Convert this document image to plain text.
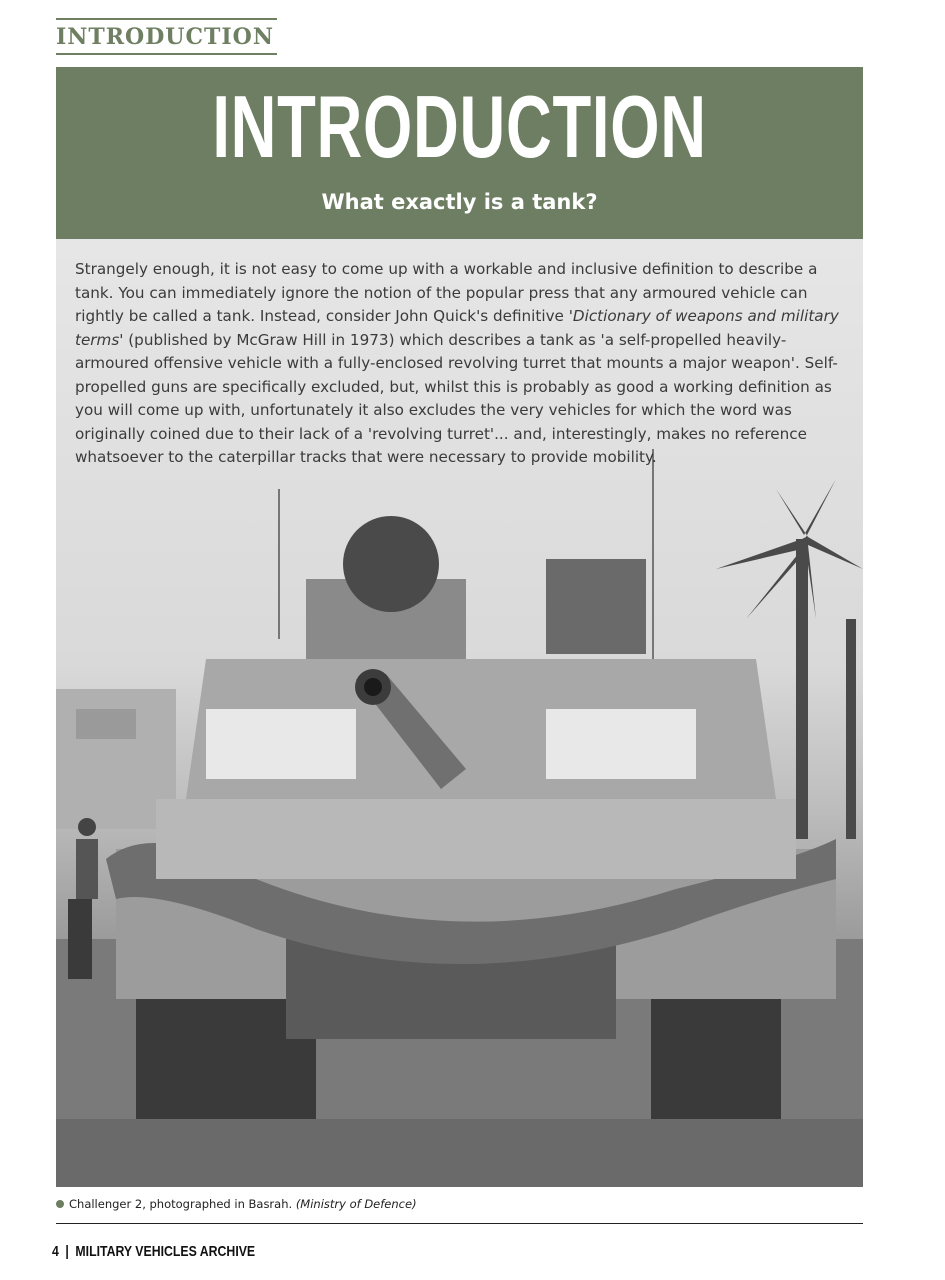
INTRODUCTION
INTRODUCTION
What exactly is a tank?
Strangely enough, it is not easy to come up with a workable and inclusive definition to describe a tank. You can immediately ignore the notion of the popular press that any armoured vehicle can rightly be called a tank. Instead, consider John Quick's definitive 'Dictionary of weapons and military terms' (published by McGraw Hill in 1973) which describes a tank as 'a self-propelled heavily-armoured offensive vehicle with a fully-enclosed revolving turret that mounts a major weapon'. Self-propelled guns are specifically excluded, but, whilst this is probably as good a working definition as you will come up with, unfortunately it also excludes the very vehicles for which the word was originally coined due to their lack of a 'revolving turret'... and, interestingly, makes no reference whatsoever to the caterpillar tracks that were necessary to provide mobility.
Challenger 2, photographed in Basrah. (Ministry of Defence)
4 | MILITARY VEHICLES ARCHIVE
